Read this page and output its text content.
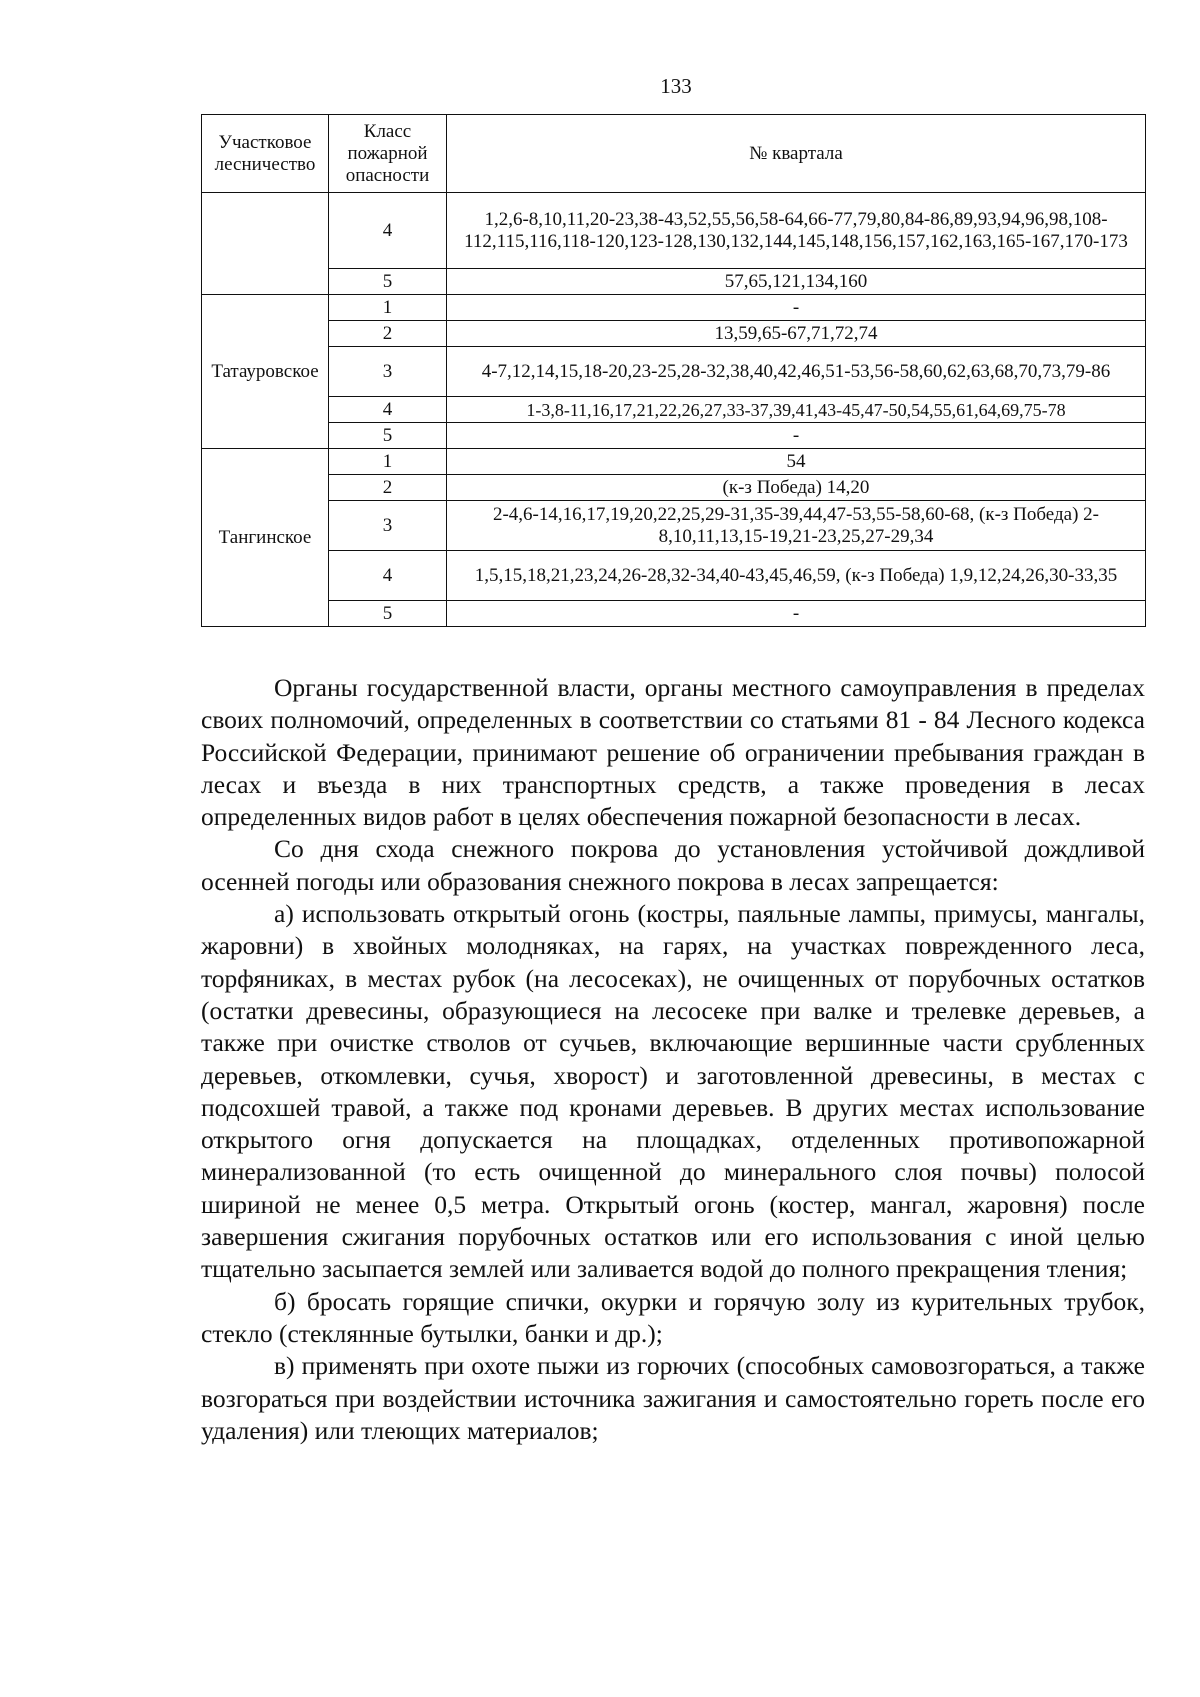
133
Участковое лесничество	Класс пожарной опасности	№ квартала
	4	1,2,6-8,10,11,20-23,38-43,52,55,56,58-64,66-77,79,80,84-86,89,93,94,96,98,108-112,115,116,118-120,123-128,130,132,144,145,148,156,157,162,163,165-167,170-173
	5	57,65,121,134,160
Татауровское	1	-
	2	13,59,65-67,71,72,74
	3	4-7,12,14,15,18-20,23-25,28-32,38,40,42,46,51-53,56-58,60,62,63,68,70,73,79-86
	4	1-3,8-11,16,17,21,22,26,27,33-37,39,41,43-45,47-50,54,55,61,64,69,75-78
	5	-
Тангинское	1	54
	2	(к-з Победа) 14,20
	3	2-4,6-14,16,17,19,20,22,25,29-31,35-39,44,47-53,55-58,60-68, (к-з Победа) 2-8,10,11,13,15-19,21-23,25,27-29,34
	4	1,5,15,18,21,23,24,26-28,32-34,40-43,45,46,59, (к-з Победа) 1,9,12,24,26,30-33,35
	5	-

Органы государственной власти, органы местного самоуправления в пределах своих полномочий, определенных в соответствии со статьями 81 - 84 Лесного кодекса Российской Федерации, принимают решение об ограничении пребывания граждан в лесах и въезда в них транспортных средств, а также проведения в лесах определенных видов работ в целях обеспечения пожарной безопасности в лесах.

Со дня схода снежного покрова до установления устойчивой дождливой осенней погоды или образования снежного покрова в лесах запрещается:

а) использовать открытый огонь (костры, паяльные лампы, примусы, мангалы, жаровни) в хвойных молодняках, на гарях, на участках поврежденного леса, торфяниках, в местах рубок (на лесосеках), не очищенных от порубочных остатков (остатки древесины, образующиеся на лесосеке при валке и трелевке деревьев, а также при очистке стволов от сучьев, включающие вершинные части срубленных деревьев, откомлевки, сучья, хворост) и заготовленной древесины, в местах с подсохшей травой, а также под кронами деревьев. В других местах использование открытого огня допускается на площадках, отделенных противопожарной минерализованной (то есть очищенной до минерального слоя почвы) полосой шириной не менее 0,5 метра. Открытый огонь (костер, мангал, жаровня) после завершения сжигания порубочных остатков или его использования с иной целью тщательно засыпается землей или заливается водой до полного прекращения тления;

б) бросать горящие спички, окурки и горячую золу из курительных трубок, стекло (стеклянные бутылки, банки и др.);

в) применять при охоте пыжи из горючих (способных самовозгораться, а также возгораться при воздействии источника зажигания и самостоятельно гореть после его удаления) или тлеющих материалов;
